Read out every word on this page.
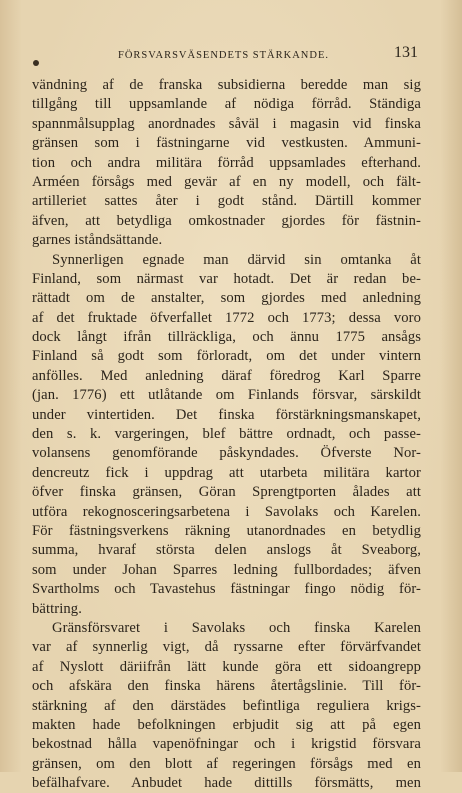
FÖRSVARSVÄSENDETS STÄRKANDE.	131
vändning af de franska subsidierna beredde man sig
tillgång till uppsamlande af nödiga förråd. Ständiga
spannmålsupplag anordnades såväl i magasin vid finska
gränsen som i fästningarne vid vestkusten. Ammuni-
tion och andra militära förråd uppsamlades efterhand.
Arméen försågs med gevär af en ny modell, och fält-
artilleriet sattes åter i godt stånd. Därtill kommer
äfven, att betydliga omkostnader gjordes för fästnin-
garnes iståndsättande.
Synnerligen egnade man därvid sin omtanka åt
Finland, som närmast var hotadt. Det är redan be-
rättadt om de anstalter, som gjordes med anledning
af det fruktade öfverfallet 1772 och 1773; dessa voro
dock långt ifrån tillräckliga, och ännu 1775 ansågs
Finland så godt som förloradt, om det under vintern
anfölles. Med anledning däraf föredrog Karl Sparre
(jan. 1776) ett utlåtande om Finlands försvar, särskildt
under vintertiden. Det finska förstärkningsmanskapet,
den s. k. vargeringen, blef bättre ordnadt, och passe-
volansens genomförande påskyndades. Öfverste Nor-
dencreutz fick i uppdrag att utarbeta militära kartor
öfver finska gränsen, Göran Sprengtporten ålades att
utföra rekognosceringsarbetena i Savolaks och Karelen.
För fästningsverkens räkning utanordnades en betydlig
summa, hvaraf största delen anslogs åt Sveaborg,
som under Johan Sparres ledning fullbordades; äfven
Svartholms och Tavastehus fästningar fingo nödig för-
bättring.
Gränsförsvaret i Savolaks och finska Karelen
var af synnerlig vigt, då ryssarne efter förvärfvandet
af Nyslott däriifrån lätt kunde göra ett sidoangrepp
och afskära den finska härens återtågslinie. Till för-
stärkning af den därstädes befintliga reguliera krigs-
makten hade befolkningen erbjudit sig att på egen
bekostnad hålla vapenöfningar och i krigstid försvara
gränsen, om den blott af regeringen försågs med en
befälhafvare. Anbudet hade dittills försmätts, men
